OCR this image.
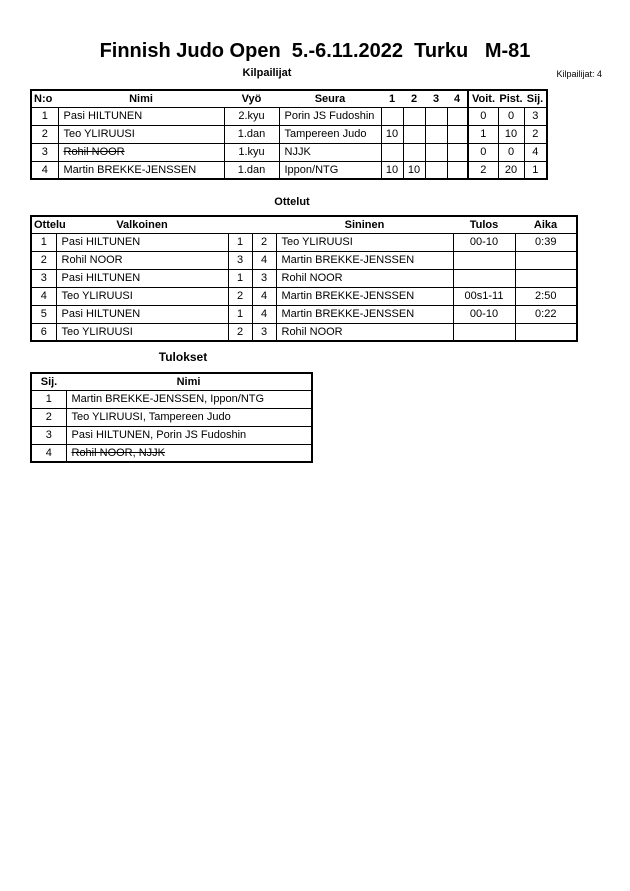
Finnish Judo Open  5.-6.11.2022  Turku   M-81
Kilpailijat	Kilpailijat: 4
N:o	Nimi	Vyö	Seura	1	2	3	4	Voit.	Pist.	Sij.
1	Pasi HILTUNEN	2.kyu	Porin JS Fudoshin					0	0	3
2	Teo YLIRUUSI	1.dan	Tampereen Judo	10				1	10	2
3	Rohil NOOR	1.kyu	NJJK					0	0	4
4	Martin BREKKE-JENSSEN	1.dan	Ippon/NTG	10	10			2	20	1
Ottelut
Ottelu	Valkoinen			Sininen	Tulos	Aika
1	Pasi HILTUNEN	1	2	Teo YLIRUUSI	00-10	0:39
2	Rohil NOOR	3	4	Martin BREKKE-JENSSEN		
3	Pasi HILTUNEN	1	3	Rohil NOOR		
4	Teo YLIRUUSI	2	4	Martin BREKKE-JENSSEN	00s1-11	2:50
5	Pasi HILTUNEN	1	4	Martin BREKKE-JENSSEN	00-10	0:22
6	Teo YLIRUUSI	2	3	Rohil NOOR		
Tulokset
Sij.	Nimi
1	Martin BREKKE-JENSSEN, Ippon/NTG
2	Teo YLIRUUSI, Tampereen Judo
3	Pasi HILTUNEN, Porin JS Fudoshin
4	Rohil NOOR, NJJK
